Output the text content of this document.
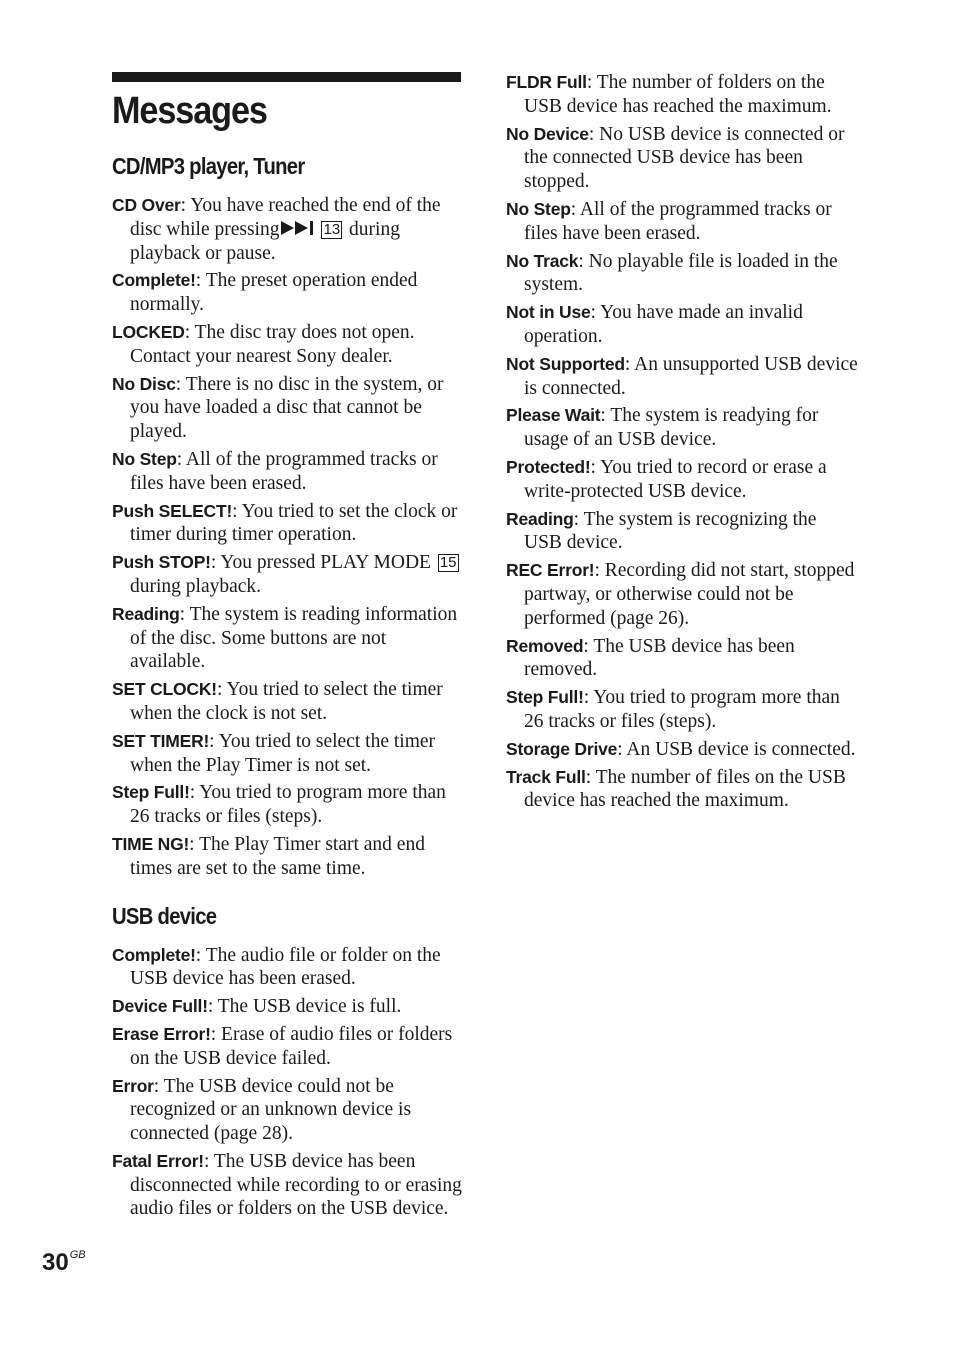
Messages
CD/MP3 player, Tuner

CD Over: You have reached the end of the disc while pressing	13 during playback or pause.

Complete!: The preset operation ended normally.

LOCKED: The disc tray does not open. Contact your nearest Sony dealer.

No Disc: There is no disc in the system, or you have loaded a disc that cannot be played.

No Step: All of the programmed tracks or files have been erased.

Push SELECT!: You tried to set the clock or timer during timer operation.

Push STOP!: You pressed PLAY MODE 15 during playback.

Reading: The system is reading information of the disc. Some buttons are not available.

SET CLOCK!: You tried to select the timer when the clock is not set.

SET TIMER!: You tried to select the timer when the Play Timer is not set.

Step Full!: You tried to program more than 26 tracks or files (steps).

TIME NG!: The Play Timer start and end times are set to the same time.

USB device

Complete!: The audio file or folder on the USB device has been erased.

Device Full!: The USB device is full.

Erase Error!: Erase of audio files or folders on the USB device failed.

Error: The USB device could not be recognized or an unknown device is connected (page 28).

Fatal Error!: The USB device has been disconnected while recording to or erasing audio files or folders on the USB device.

FLDR Full: The number of folders on the USB device has reached the maximum.

No Device: No USB device is connected or the connected USB device has been stopped.

No Step: All of the programmed tracks or files have been erased.

No Track: No playable file is loaded in the system.

Not in Use: You have made an invalid operation.

Not Supported: An unsupported USB device is connected.

Please Wait: The system is readying for usage of an USB device.

Protected!: You tried to record or erase a write-protected USB device.

Reading: The system is recognizing the USB device.

REC Error!: Recording did not start, stopped partway, or otherwise could not be performed (page 26).

Removed: The USB device has been removed.

Step Full!: You tried to program more than 26 tracks or files (steps).

Storage Drive: An USB device is connected.

Track Full: The number of files on the USB device has reached the maximum.

$30^{GB}$
